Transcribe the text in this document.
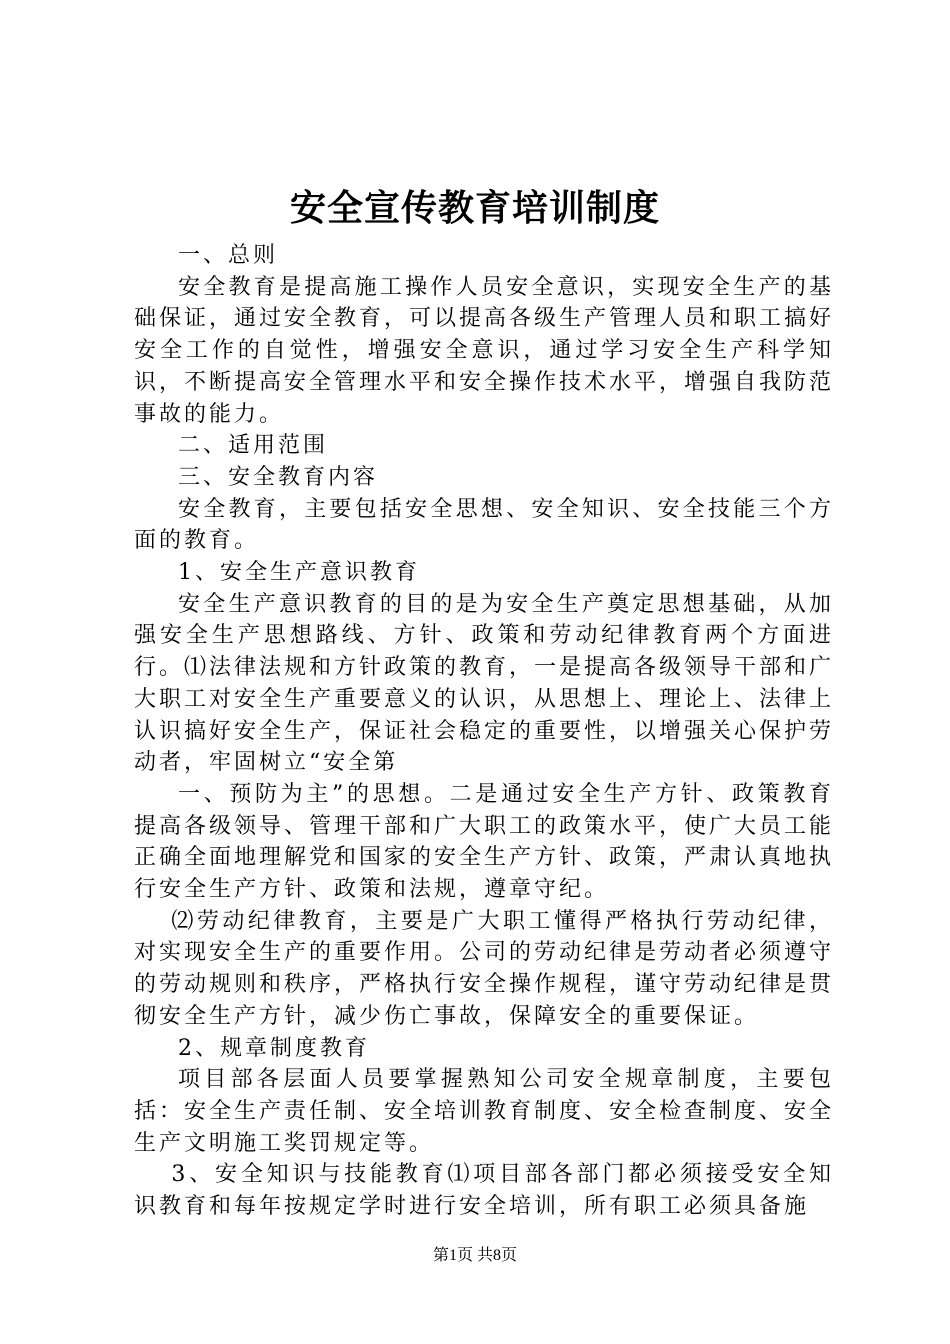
安全宣传教育培训制度

一、总则

安全教育是提高施工操作人员安全意识，实现安全生产的基础保证，通过安全教育，可以提高各级生产管理人员和职工搞好安全工作的自觉性，增强安全意识，通过学习安全生产科学知识，不断提高安全管理水平和安全操作技术水平，增强自我防范事故的能力。

二、适用范围

三、安全教育内容

安全教育，主要包括安全思想、安全知识、安全技能三个方面的教育。

1、安全生产意识教育

安全生产意识教育的目的是为安全生产奠定思想基础，从加强安全生产思想路线、方针、政策和劳动纪律教育两个方面进行。⑴法律法规和方针政策的教育，一是提高各级领导干部和广大职工对安全生产重要意义的认识，从思想上、理论上、法律上认识搞好安全生产，保证社会稳定的重要性，以增强关心保护劳动者，牢固树立“安全第

一、预防为主”的思想。二是通过安全生产方针、政策教育提高各级领导、管理干部和广大职工的政策水平，使广大员工能正确全面地理解党和国家的安全生产方针、政策，严肃认真地执行安全生产方针、政策和法规，遵章守纪。

⑵劳动纪律教育，主要是广大职工懂得严格执行劳动纪律，对实现安全生产的重要作用。公司的劳动纪律是劳动者必须遵守的劳动规则和秩序，严格执行安全操作规程，谨守劳动纪律是贯彻安全生产方针，减少伤亡事故，保障安全的重要保证。

2、规章制度教育

项目部各层面人员要掌握熟知公司安全规章制度，主要包括：安全生产责任制、安全培训教育制度、安全检查制度、安全生产文明施工奖罚规定等。

3、安全知识与技能教育⑴项目部各部门都必须接受安全知识教育和每年按规定学时进行安全培训，所有职工必须具备施

第1页 共8页
